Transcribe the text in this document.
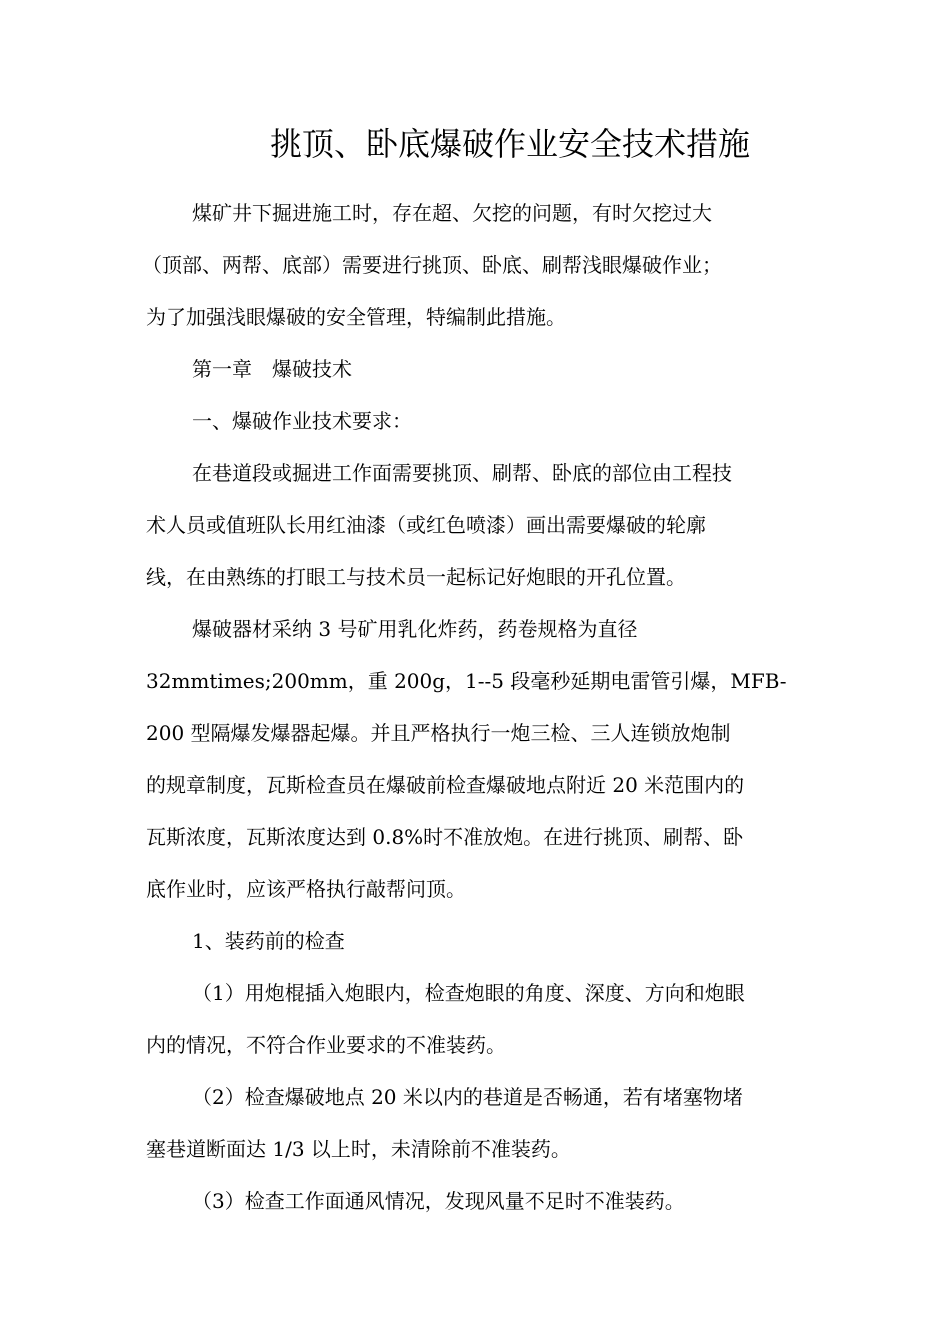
挑顶、卧底爆破作业安全技术措施
煤矿井下掘进施工时，存在超、欠挖的问题，有时欠挖过大
（顶部、两帮、底部）需要进行挑顶、卧底、刷帮浅眼爆破作业；
为了加强浅眼爆破的安全管理，特编制此措施。
第一章　爆破技术
一、爆破作业技术要求：
在巷道段或掘进工作面需要挑顶、刷帮、卧底的部位由工程技
术人员或值班队长用红油漆（或红色喷漆）画出需要爆破的轮廓
线，在由熟练的打眼工与技术员一起标记好炮眼的开孔位置。
爆破器材采纳 3 号矿用乳化炸药，药卷规格为直径
32mmtimes;200mm，重 200g，1--5 段毫秒延期电雷管引爆，MFB-
200 型隔爆发爆器起爆。并且严格执行一炮三检、三人连锁放炮制
的规章制度，瓦斯检查员在爆破前检查爆破地点附近 20 米范围内的
瓦斯浓度，瓦斯浓度达到 0.8%时不准放炮。在进行挑顶、刷帮、卧
底作业时，应该严格执行敲帮问顶。
1、装药前的检查
（1）用炮棍插入炮眼内，检查炮眼的角度、深度、方向和炮眼
内的情况，不符合作业要求的不准装药。
（2）检查爆破地点 20 米以内的巷道是否畅通，若有堵塞物堵
塞巷道断面达 1/3 以上时，未清除前不准装药。
（3）检查工作面通风情况，发现风量不足时不准装药。
